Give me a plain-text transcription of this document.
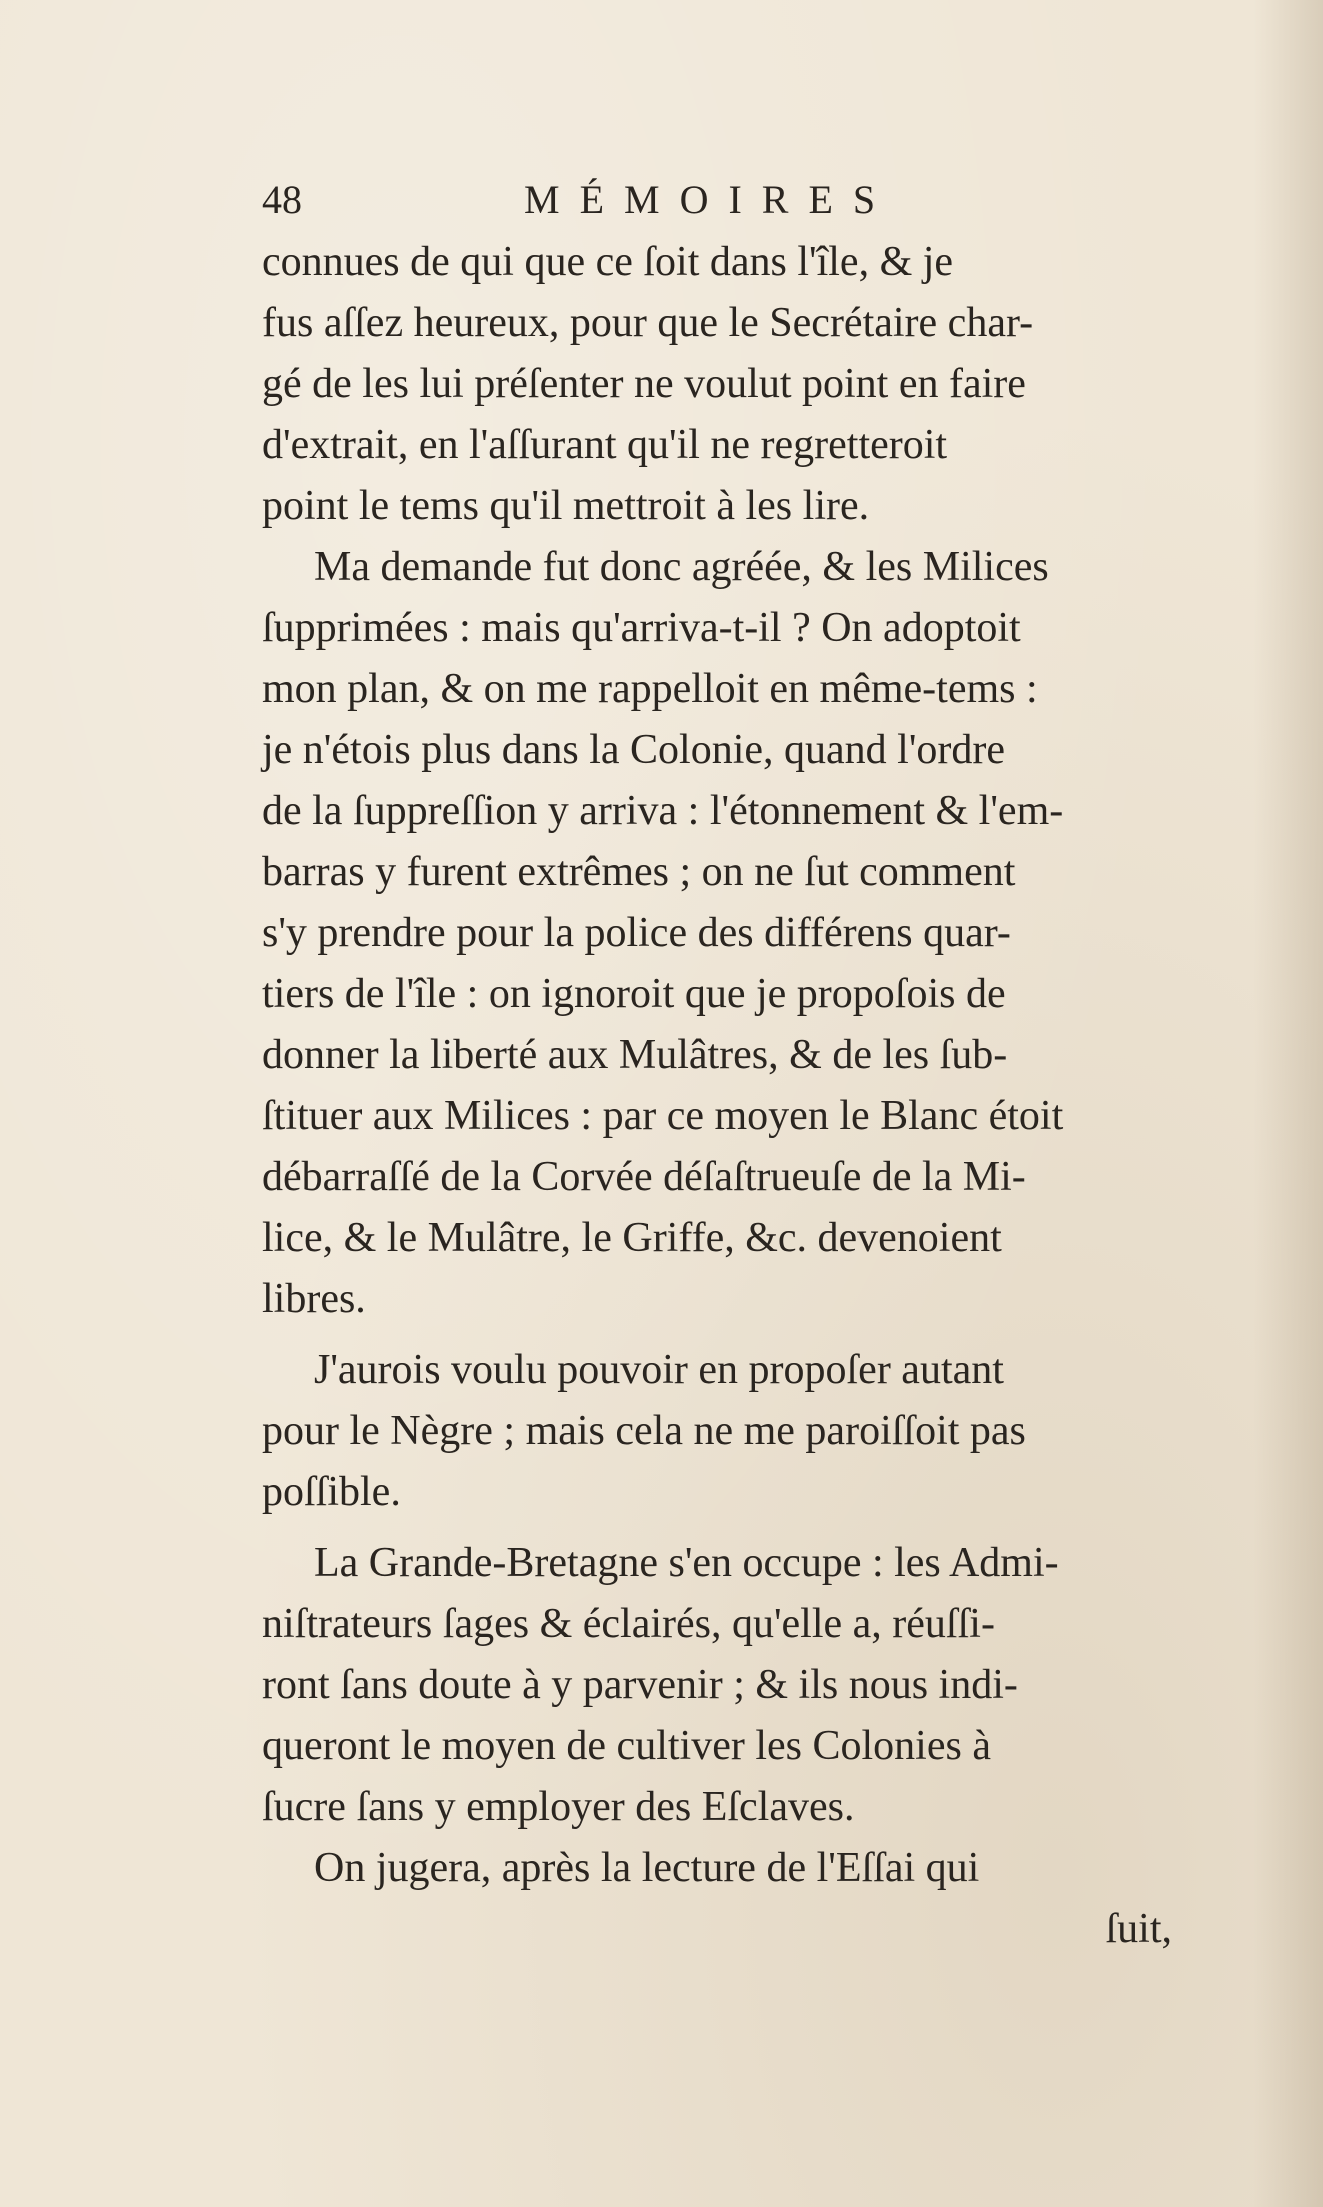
48	MÉMOIRES
connues de qui que ce ſoit dans l'île, & je
fus aſſez heureux, pour que le Secrétaire char-
gé de les lui préſenter ne voulut point en faire
d'extrait, en l'aſſurant qu'il ne regretteroit
point le tems qu'il mettroit à les lire.
Ma demande fut donc agréée, & les Milices
ſupprimées : mais qu'arriva-t-il ? On adoptoit
mon plan, & on me rappelloit en même-tems :
je n'étois plus dans la Colonie, quand l'ordre
de la ſuppreſſion y arriva : l'étonnement & l'em-
barras y furent extrêmes ; on ne ſut comment
s'y prendre pour la police des différens quar-
tiers de l'île : on ignoroit que je propoſois de
donner la liberté aux Mulâtres, & de les ſub-
ſtituer aux Milices : par ce moyen le Blanc étoit
débarraſſé de la Corvée déſaſtrueuſe de la Mi-
lice, & le Mulâtre, le Griffe, &c. devenoient
libres.
J'aurois voulu pouvoir en propoſer autant
pour le Nègre ; mais cela ne me paroiſſoit pas
poſſible.
La Grande-Bretagne s'en occupe : les Admi-
niſtrateurs ſages & éclairés, qu'elle a, réuſſi-
ront ſans doute à y parvenir ; & ils nous indi-
queront le moyen de cultiver les Colonies à
ſucre ſans y employer des Eſclaves.
On jugera, après la lecture de l'Eſſai qui
ſuit,
